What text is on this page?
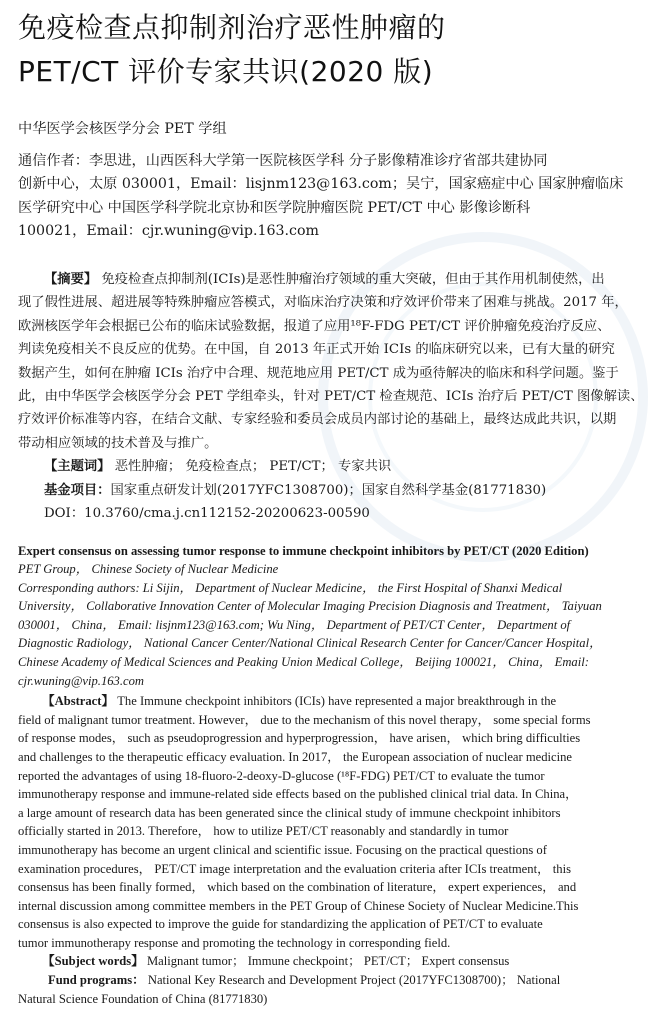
免疫检查点抑制剂治疗恶性肿瘤的
PET/CT 评价专家共识(2020 版)
中华医学会核医学分会 PET 学组
通信作者：李思进，山西医科大学第一医院核医学科 分子影像精准诊疗省部共建协同
创新中心，太原 030001，Email：lisjnm123@163.com；吴宁，国家癌症中心 国家肿瘤临床
医学研究中心 中国医学科学院北京协和医学院肿瘤医院 PET/CT 中心 影像诊断科
100021，Email：cjr.wuning@vip.163.com
【摘要】 免疫检查点抑制剂(ICIs)是恶性肿瘤治疗领域的重大突破，但由于其作用机制使然，出
现了假性进展、超进展等特殊肿瘤应答模式，对临床治疗决策和疗效评价带来了困难与挑战。2017 年，
欧洲核医学年会根据已公布的临床试验数据，报道了应用¹⁸F-FDG PET/CT 评价肿瘤免疫治疗反应、
判读免疫相关不良反应的优势。在中国，自 2013 年正式开始 ICIs 的临床研究以来，已有大量的研究
数据产生，如何在肿瘤 ICIs 治疗中合理、规范地应用 PET/CT 成为亟待解决的临床和科学问题。鉴于
此，由中华医学会核医学分会 PET 学组牵头，针对 PET/CT 检查规范、ICIs 治疗后 PET/CT 图像解读、
疗效评价标准等内容，在结合文献、专家经验和委员会成员内部讨论的基础上，最终达成此共识，以期
带动相应领域的技术普及与推广。
【主题词】 恶性肿瘤； 免疫检查点； PET/CT； 专家共识
基金项目：国家重点研发计划(2017YFC1308700)；国家自然科学基金(81771830)
DOI：10.3760/cma.j.cn112152-20200623-00590
Expert consensus on assessing tumor response to immune checkpoint inhibitors by PET/CT (2020 Edition)
PET Group， Chinese Society of Nuclear Medicine
Corresponding authors: Li Sijin， Department of Nuclear Medicine， the First Hospital of Shanxi Medical
University， Collaborative Innovation Center of Molecular Imaging Precision Diagnosis and Treatment， Taiyuan
030001， China， Email: lisjnm123@163.com; Wu Ning， Department of PET/CT Center， Department of
Diagnostic Radiology， National Cancer Center/National Clinical Research Center for Cancer/Cancer Hospital，
Chinese Academy of Medical Sciences and Peaking Union Medical College， Beijing 100021， China， Email:
cjr.wuning@vip.163.com
【Abstract】 The Immune checkpoint inhibitors (ICIs) have represented a major breakthrough in the
field of malignant tumor treatment. However， due to the mechanism of this novel therapy， some special forms
of response modes， such as pseudoprogression and hyperprogression， have arisen， which bring difficulties
and challenges to the therapeutic efficacy evaluation. In 2017， the European association of nuclear medicine
reported the advantages of using 18-fluoro-2-deoxy-D-glucose (¹⁸F-FDG) PET/CT to evaluate the tumor
immunotherapy response and immune-related side effects based on the published clinical trial data. In China，
a large amount of research data has been generated since the clinical study of immune checkpoint inhibitors
officially started in 2013. Therefore， how to utilize PET/CT reasonably and standardly in tumor
immunotherapy has become an urgent clinical and scientific issue. Focusing on the practical questions of
examination procedures， PET/CT image interpretation and the evaluation criteria after ICIs treatment， this
consensus has been finally formed， which based on the combination of literature， expert experiences， and
internal discussion among committee members in the PET Group of Chinese Society of Nuclear Medicine.This
consensus is also expected to improve the guide for standardizing the application of PET/CT to evaluate
tumor immunotherapy response and promoting the technology in corresponding field.
【Subject words】 Malignant tumor； Immune checkpoint； PET/CT； Expert consensus
Fund programs： National Key Research and Development Project (2017YFC1308700)； National
Natural Science Foundation of China (81771830)
